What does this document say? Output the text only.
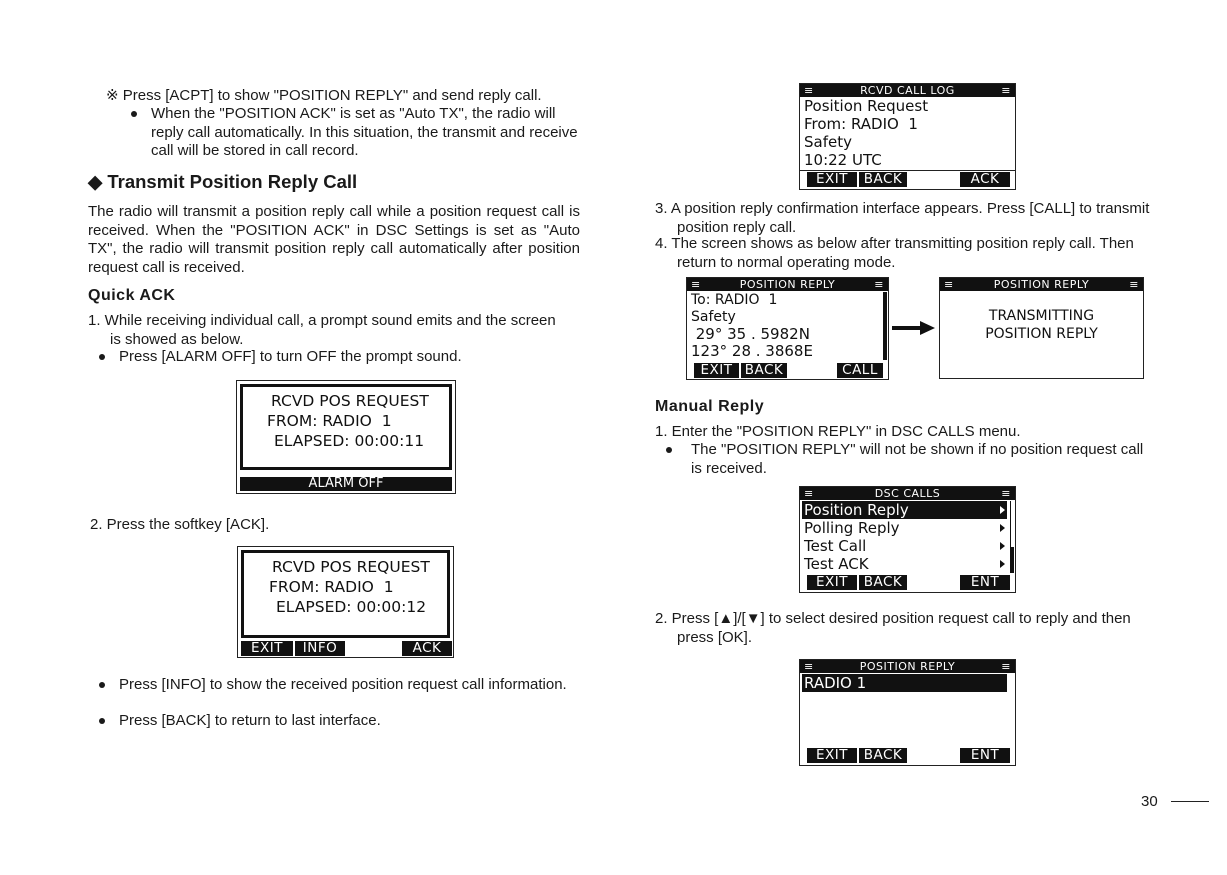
※ Press [ACPT] to show "POSITION REPLY" and send reply call.

When the "POSITION ACK" is set as "Auto TX", the radio will reply call automatically. In this situation, the transmit and receive call will be stored in call record.

◆ Transmit Position Reply Call

The radio will transmit a position reply call while a position request call is received. When the "POSITION ACK" in DSC Settings is set as "Auto TX", the radio will transmit position reply call automatically after position request call is received.

Quick ACK

1. While receiving individual call, a prompt sound emits and the screen is showed as below.

Press [ALARM OFF] to turn OFF the prompt sound.

RCVD POS REQUEST
FROM: RADIO  1
ELAPSED: 00:00:11
ALARM OFF

2. Press the softkey [ACK].

RCVD POS REQUEST
FROM: RADIO  1
ELAPSED: 00:00:12
EXIT	INFO	ACK

Press [INFO] to show the received position request call information.

Press [BACK] to return to last interface.

≡	RCVD CALL LOG	≡
Position Request
From: RADIO  1
Safety
10:22 UTC
EXIT	BACK	ACK

3. A position reply confirmation interface appears. Press [CALL] to transmit position reply call.

4. The screen shows as below after transmitting position reply call. Then return to normal operating mode.

≡	POSITION REPLY	≡
To: RADIO  1
Safety
29° 35 . 5982N
123° 28 . 3868E
EXIT BACK	CALL
≡	POSITION REPLY	≡
TRANSMITTING
POSITION REPLY
Manual Reply

1. Enter the "POSITION REPLY" in DSC CALLS menu.

The "POSITION REPLY" will not be shown if no position request call is received.

≡	DSC CALLS	≡
Position Reply
Polling Reply
Test Call
Test ACK
EXIT	BACK	ENT

2. Press [▲]/[▼] to select desired position request call to reply and then press [OK].

≡	POSITION REPLY	≡
RADIO 1
EXIT	BACK	ENT
30
